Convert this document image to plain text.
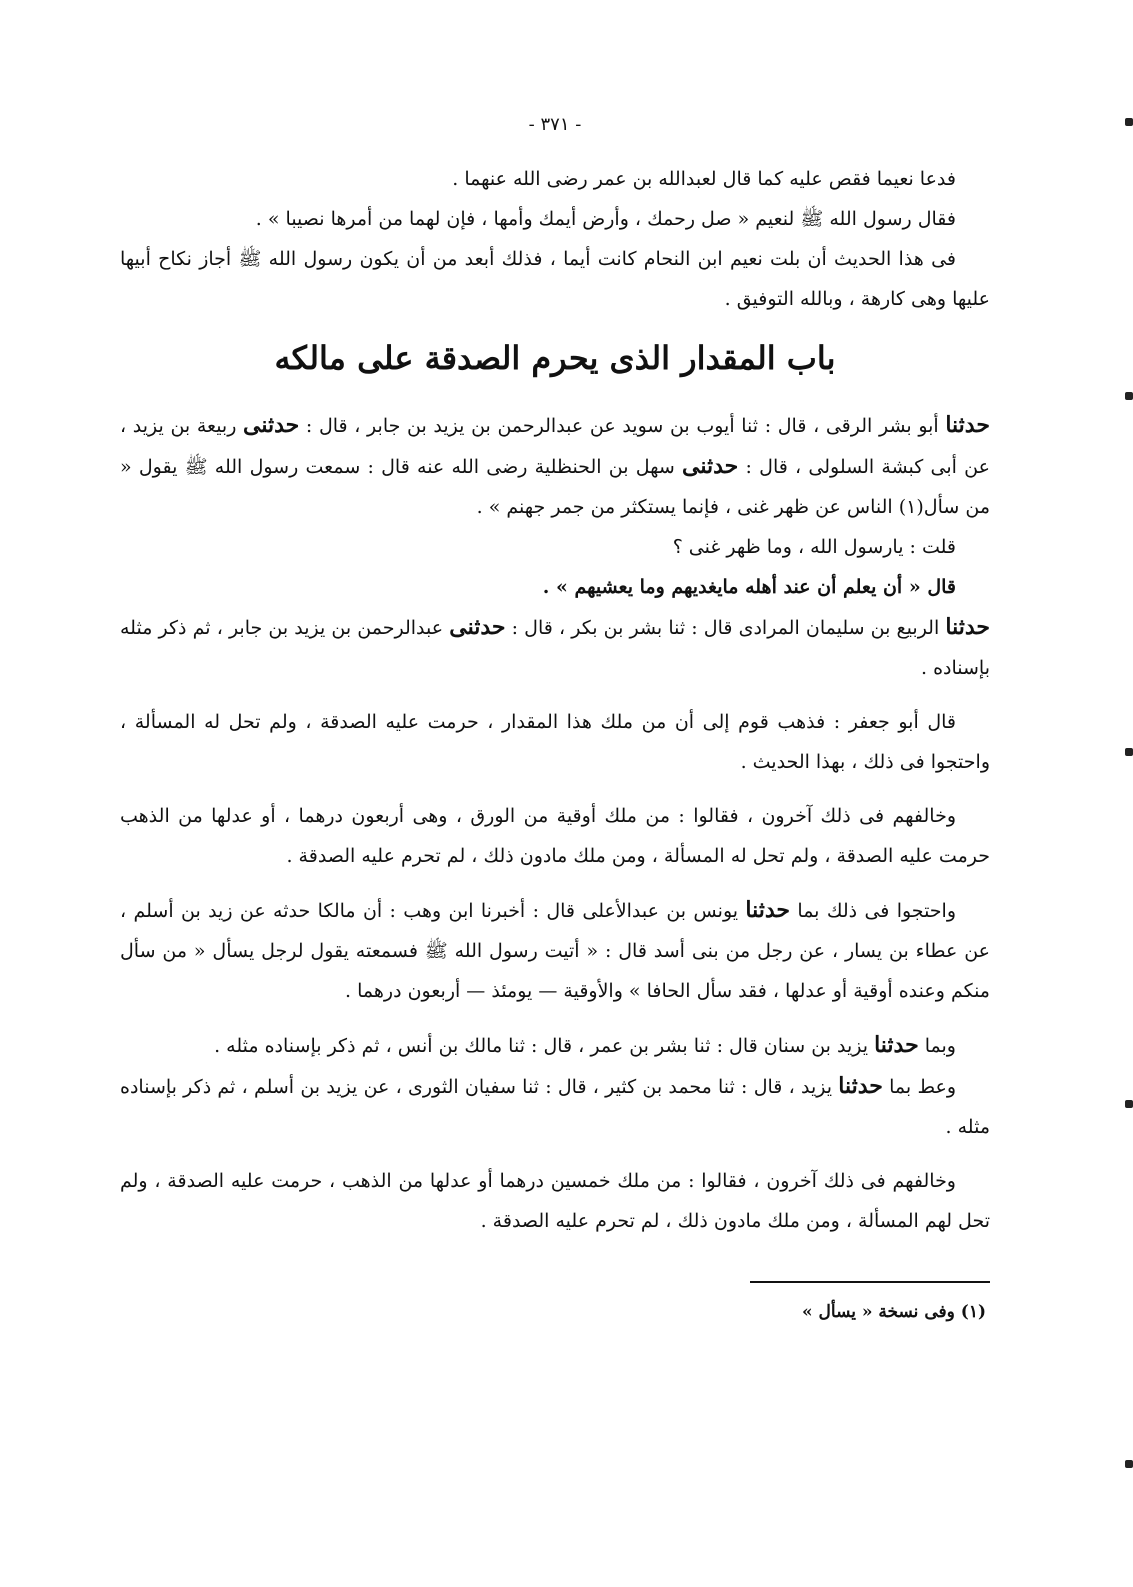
- ٣٧١ -

فدعا نعيما فقص عليه كما قال لعبدالله بن عمر رضى الله عنهما .

فقال رسول الله ﷺ لنعيم « صل رحمك ، وأرض أيمك وأمها ، فإن لهما من أمرها نصيبا » .

فى هذا الحديث أن بلت نعيم ابن النحام كانت أيما ، فذلك أبعد من أن يكون رسول الله ﷺ أجاز نكاح أبيها عليها وهى كارهة ، وبالله التوفيق .

باب المقدار الذى يحرم الصدقة على مالكه

حدثنا أبو بشر الرقى ، قال : ثنا أيوب بن سويد عن عبدالرحمن بن يزيد بن جابر ، قال : حدثنى ربيعة بن يزيد ، عن أبى كبشة السلولى ، قال : حدثنى سهل بن الحنظلية رضى الله عنه قال : سمعت رسول الله ﷺ يقول « من سأل(١) الناس عن ظهر غنى ، فإنما يستكثر من جمر جهنم » .

قلت : يارسول الله ، وما ظهر غنى ؟

قال « أن يعلم أن عند أهله مايغديهم وما يعشيهم » .

حدثنا الربيع بن سليمان المرادى قال : ثنا بشر بن بكر ، قال : حدثنى عبدالرحمن بن يزيد بن جابر ، ثم ذكر مثله بإسناده .

قال أبو جعفر : فذهب قوم إلى أن من ملك هذا المقدار ، حرمت عليه الصدقة ، ولم تحل له المسألة ، واحتجوا فى ذلك ، بهذا الحديث .

وخالفهم فى ذلك آخرون ، فقالوا : من ملك أوقية من الورق ، وهى أربعون درهما ، أو عدلها من الذهب حرمت عليه الصدقة ، ولم تحل له المسألة ، ومن ملك مادون ذلك ، لم تحرم عليه الصدقة .

واحتجوا فى ذلك بما حدثنا يونس بن عبدالأعلى قال : أخبرنا ابن وهب : أن مالكا حدثه عن زيد بن أسلم ، عن عطاء بن يسار ، عن رجل من بنى أسد قال : « أتيت رسول الله ﷺ فسمعته يقول لرجل يسأل « من سأل منكم وعنده أوقية أو عدلها ، فقد سأل الحافا » والأوقية — يومئذ — أربعون درهما .

وبما حدثنا يزيد بن سنان قال : ثنا بشر بن عمر ، قال : ثنا مالك بن أنس ، ثم ذكر بإسناده مثله .

وعط بما حدثنا يزيد ، قال : ثنا محمد بن كثير ، قال : ثنا سفيان الثورى ، عن يزيد بن أسلم ، ثم ذكر بإسناده مثله .

وخالفهم فى ذلك آخرون ، فقالوا : من ملك خمسين درهما أو عدلها من الذهب ، حرمت عليه الصدقة ، ولم تحل لهم المسألة ، ومن ملك مادون ذلك ، لم تحرم عليه الصدقة .

(١) وفى نسخة « يسأل »
